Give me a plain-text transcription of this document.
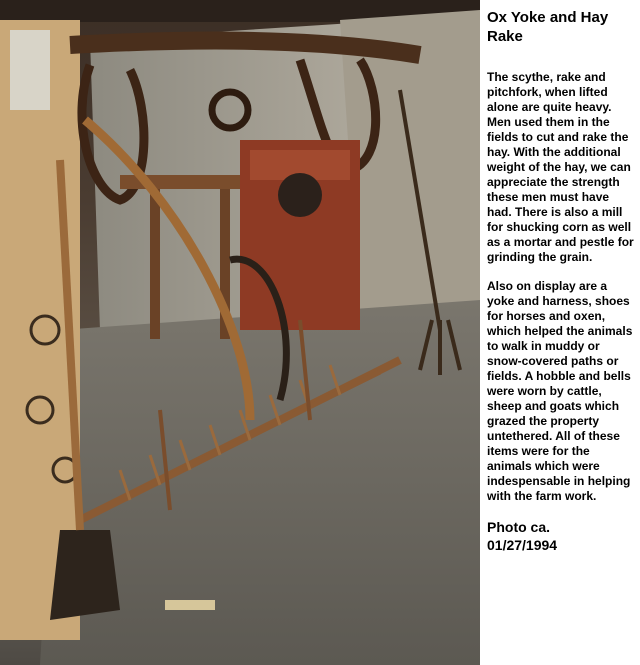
Ox Yoke and Hay Rake

The scythe, rake and pitchfork, when lifted alone are quite heavy. Men used them in the fields to cut and rake the hay. With the additional weight of the hay, we can appreciate the strength these men must have had. There is also a mill for shucking corn as well as a mortar and pestle for grinding the grain.

Also on display are a yoke and harness, shoes for horses and oxen, which helped the animals to walk in muddy or snow-covered paths or fields. A hobble and bells were worn by cattle, sheep and goats which grazed the property untethered. All of these items were for the animals which were indespensable in helping with the farm work.

Photo ca.
01/27/1994
